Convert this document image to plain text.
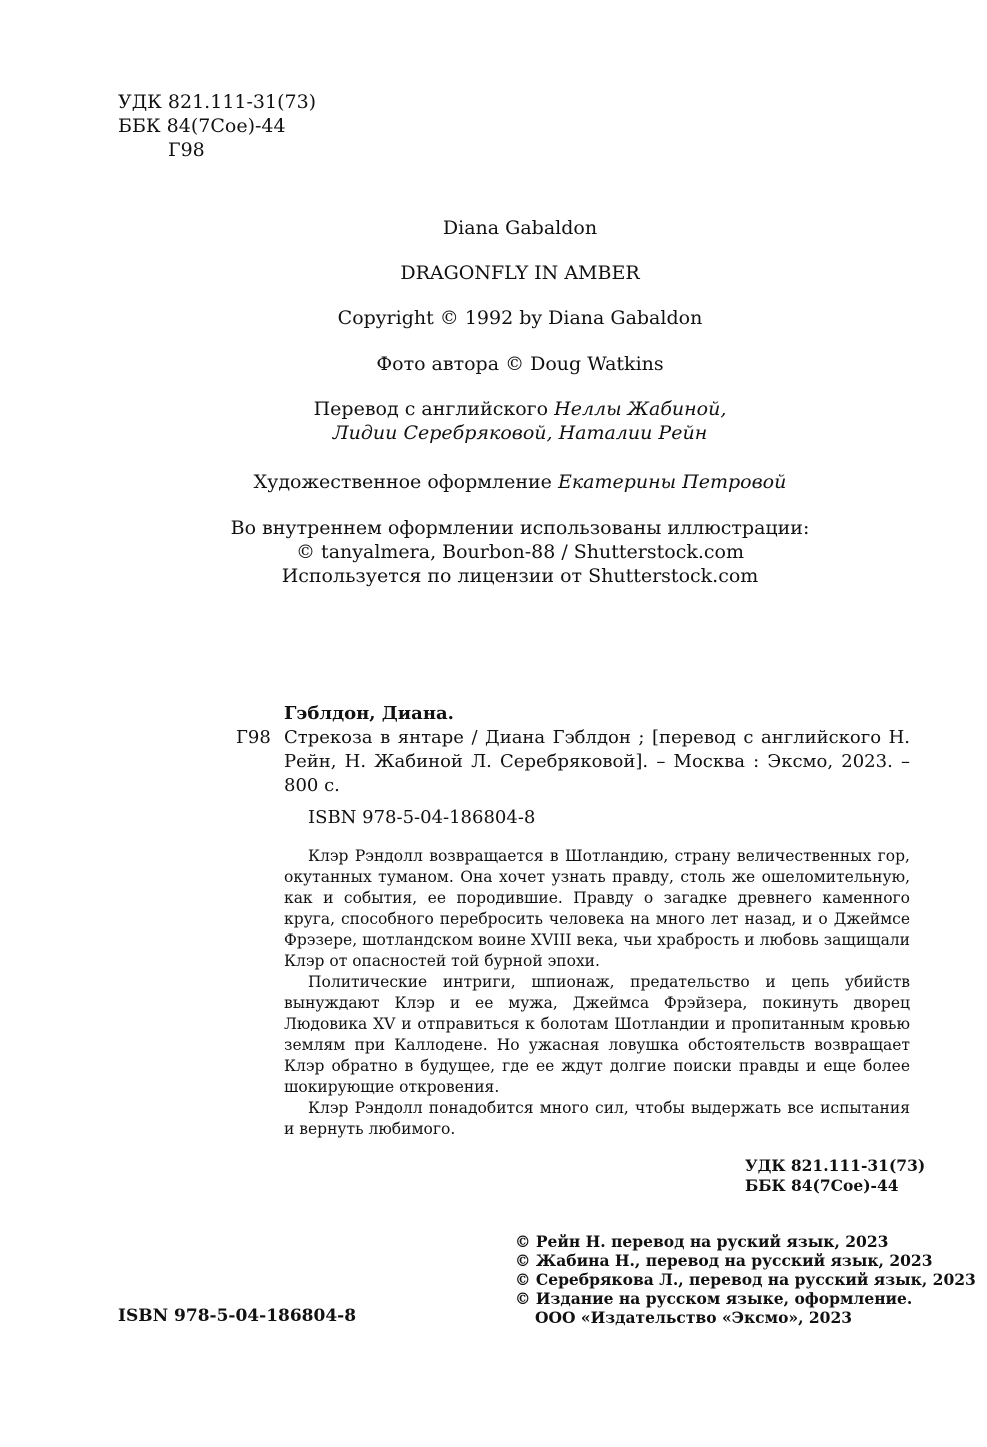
УДК 821.111-31(73)
ББК 84(7Сое)-44
Г98
Diana Gabaldon
DRAGONFLY IN AMBER
Copyright © 1992 by Diana Gabaldon
Фото автора © Doug Watkins
Перевод с английского Неллы Жабиной,
Лидии Серебряковой, Наталии Рейн
Художественное оформление Екатерины Петровой
Во внутреннем оформлении использованы иллюстрации:
© tanyalmera, Bourbon-88 / Shutterstock.com
Используется по лицензии от Shutterstock.com
Гэблдон, Диана.
Г98 Стрекоза в янтаре / Диана Гэблдон ; [перевод с английского Н. Рейн, Н. Жабиной Л. Серебряковой]. – Москва : Эксмо, 2023. – 800 с.
ISBN 978-5-04-186804-8

Клэр Рэндолл возвращается в Шотландию, страну величественных гор, окутанных туманом. Она хочет узнать правду, столь же ошеломительную, как и события, ее породившие. Правду о загадке древнего каменного круга, способного перебросить человека на много лет назад, и о Джеймсе Фрэзере, шотландском воине XVIII века, чьи храбрость и любовь защищали Клэр от опасностей той бурной эпохи.

Политические интриги, шпионаж, предательство и цепь убийств вынуждают Клэр и ее мужа, Джеймса Фрэйзера, покинуть дворец Людовика XV и отправиться к болотам Шотландии и пропитанным кровью землям при Каллодене. Но ужасная ловушка обстоятельств возвращает Клэр обратно в будущее, где ее ждут долгие поиски правды и еще более шокирующие откровения.

Клэр Рэндолл понадобится много сил, чтобы выдержать все испытания и вернуть любимого.

УДК 821.111-31(73)
ББК 84(7Сое)-44
© Рейн Н. перевод на руский язык, 2023
© Жабина Н., перевод на русский язык, 2023
© Серебрякова Л., перевод на русский язык, 2023
© Издание на русском языке, оформление.
ООО «Издательство «Эксмо», 2023
ISBN 978-5-04-186804-8
